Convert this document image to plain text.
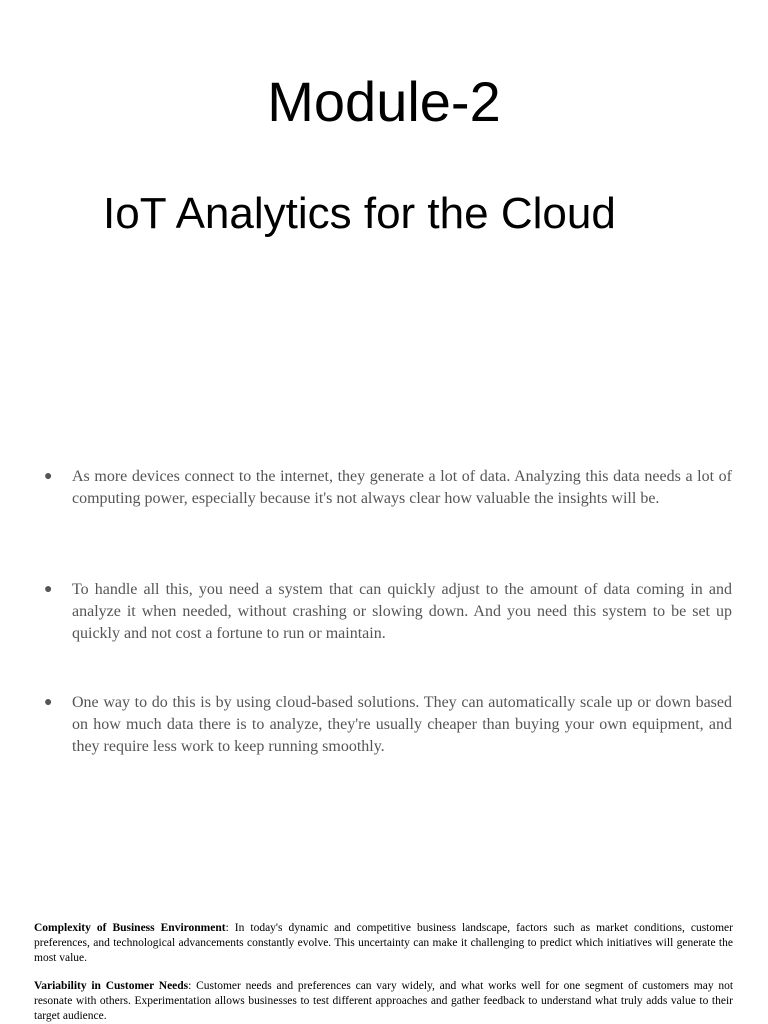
Module-2
IoT Analytics for the Cloud
● As more devices connect to the internet, they generate a lot of data. Analyzing this data needs a lot of computing power, especially because it's not always clear how valuable the insights will be.
● To handle all this, you need a system that can quickly adjust to the amount of data coming in and analyze it when needed, without crashing or slowing down. And you need this system to be set up quickly and not cost a fortune to run or maintain.
● One way to do this is by using cloud-based solutions. They can automatically scale up or down based on how much data there is to analyze, they're usually cheaper than buying your own equipment, and they require less work to keep running smoothly.

Complexity of Business Environment: In today's dynamic and competitive business landscape, factors such as market conditions, customer preferences, and technological advancements constantly evolve. This uncertainty can make it challenging to predict which initiatives will generate the most value.

Variability in Customer Needs: Customer needs and preferences can vary widely, and what works well for one segment of customers may not resonate with others. Experimentation allows businesses to test different approaches and gather feedback to understand what truly adds value to their target audience.
